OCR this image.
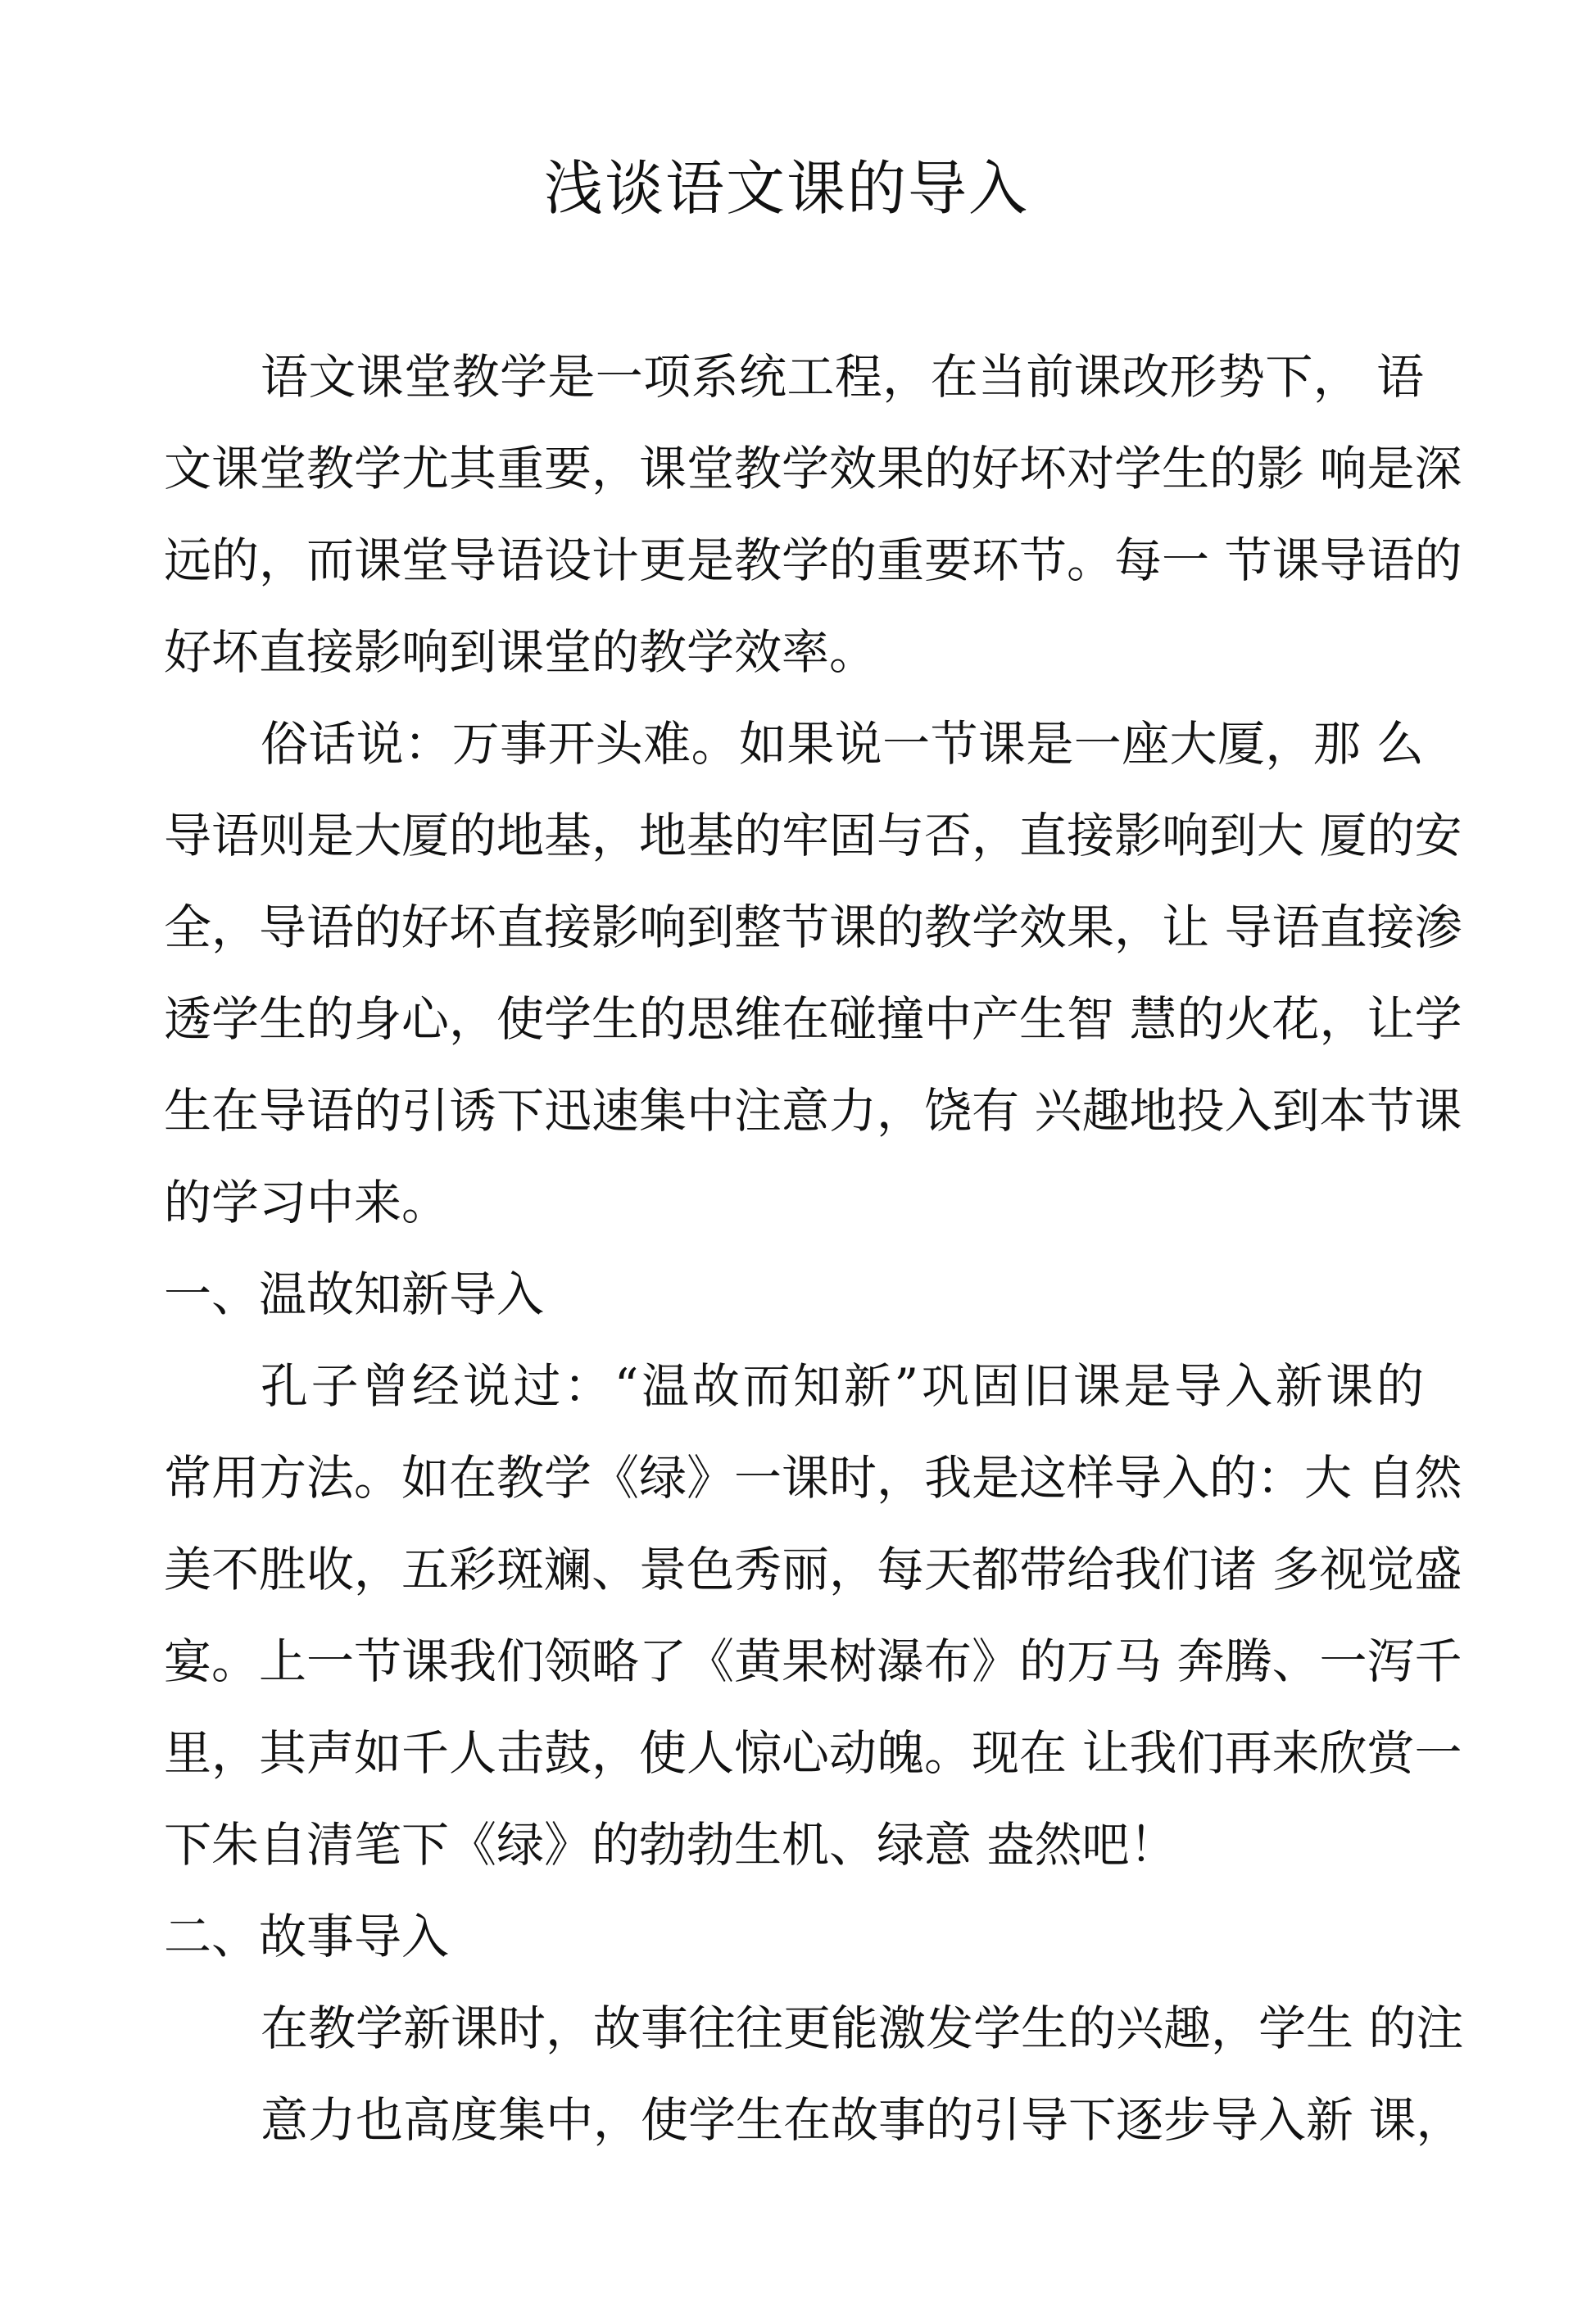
浅谈语文课的导入
语文课堂教学是一项系统工程，在当前课改形势下， 语
文课堂教学尤其重要，课堂教学效果的好坏对学生的影 响是深
远的，而课堂导语设计更是教学的重要环节。每一 节课导语的
好坏直接影响到课堂的教学效率。
俗话说：万事开头难。如果说一节课是一座大厦，那 么
导语则是大厦的地基，地基的牢固与否，直接影响到大 厦的安
全，导语的好坏直接影响到整节课的教学效果，让 导语直接渗
透学生的身心，使学生的思维在碰撞中产生智 慧的火花，让学
生在导语的引诱下迅速集中注意力，饶有 兴趣地投入到本节课
的学习中来。
一、温故知新导入
孔子曾经说过：“温故而知新”巩固旧课是导入新课的
常用方法。如在教学《绿》一课时，我是这样导入的：大 自然
美不胜收，五彩斑斓、景色秀丽，每天都带给我们诸 多视觉盛
宴。上一节课我们领略了《黄果树瀑布》的万马 奔腾、一泻千
里，其声如千人击鼓，使人惊心动魄。现在 让我们再来欣赏一
下朱自清笔下《绿》的勃勃生机、绿意 盎然吧！
二、故事导入
在教学新课时，故事往往更能激发学生的兴趣，学生 的注
意力也高度集中，使学生在故事的引导下逐步导入新 课，
